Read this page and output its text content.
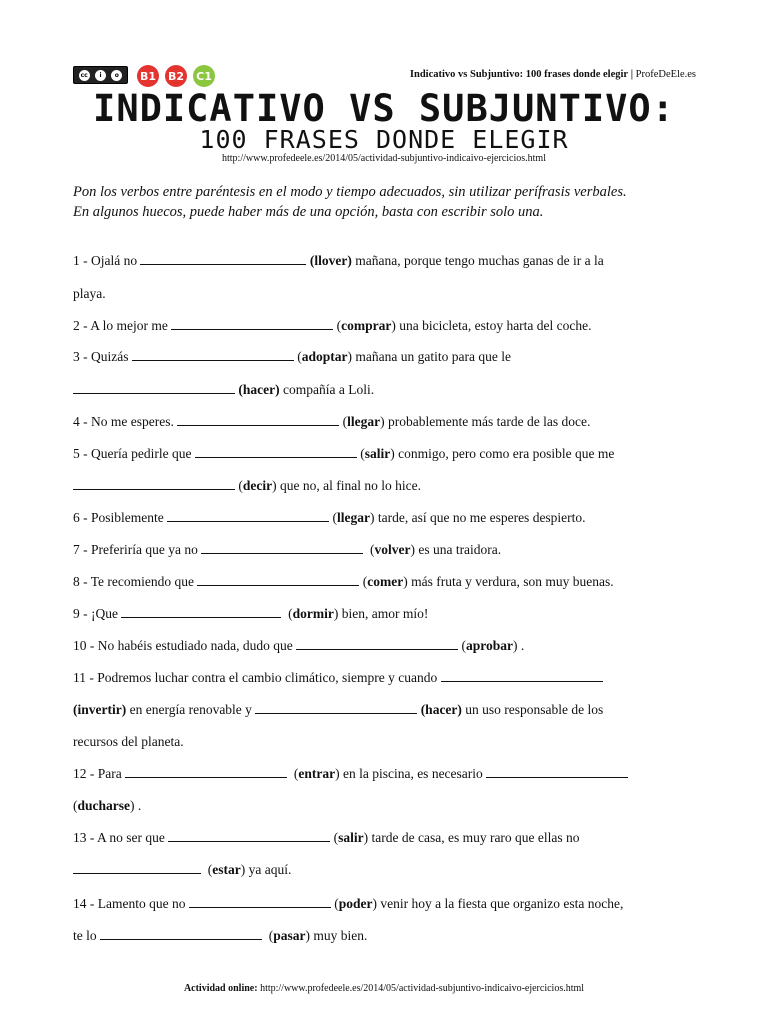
cc	i	o	B1 B2 C1	Indicativo vs Subjuntivo: 100 frases donde elegir | ProfeDeEle.es
INDICATIVO VS SUBJUNTIVO:
100 FRASES DONDE ELEGIR
http://www.profedeele.es/2014/05/actividad-subjuntivo-indicaivo-ejercicios.html
Pon los verbos entre paréntesis en el modo y tiempo adecuados, sin utilizar perífrasis verbales.
En algunos huecos, puede haber más de una opción, basta con escribir solo una.
1 - Ojalá no	(llover) mañana, porque tengo muchas ganas de ir a la
playa.
2 - A lo mejor me	(comprar) una bicicleta, estoy harta del coche.
3 - Quizás	(adoptar) mañana un gatito para que le
(hacer) compañía a Loli.
4 - No me esperes.	(llegar) probablemente más tarde de las doce.
5 - Quería pedirle que	(salir) conmigo, pero como era posible que me
(decir) que no, al final no lo hice.
6 - Posiblemente	(llegar) tarde, así que no me esperes despierto.
7 - Preferiría que ya no	(volver) es una traidora.
8 - Te recomiendo que	(comer) más fruta y verdura, son muy buenas.
9 - ¡Que	(dormir) bien, amor mío!
10 - No habéis estudiado nada, dudo que	(aprobar) .
11 - Podremos luchar contra el cambio climático, siempre y cuando
(invertir) en energía renovable y	(hacer) un uso responsable de los
recursos del planeta.
12 - Para	(entrar) en la piscina, es necesario
(ducharse) .
13 - A no ser que	(salir) tarde de casa, es muy raro que ellas no
(estar) ya aquí.
14 - Lamento que no	(poder) venir hoy a la fiesta que organizo esta noche,
te lo	(pasar) muy bien.
Actividad online: http://www.profedeele.es/2014/05/actividad-subjuntivo-indicaivo-ejercicios.html
